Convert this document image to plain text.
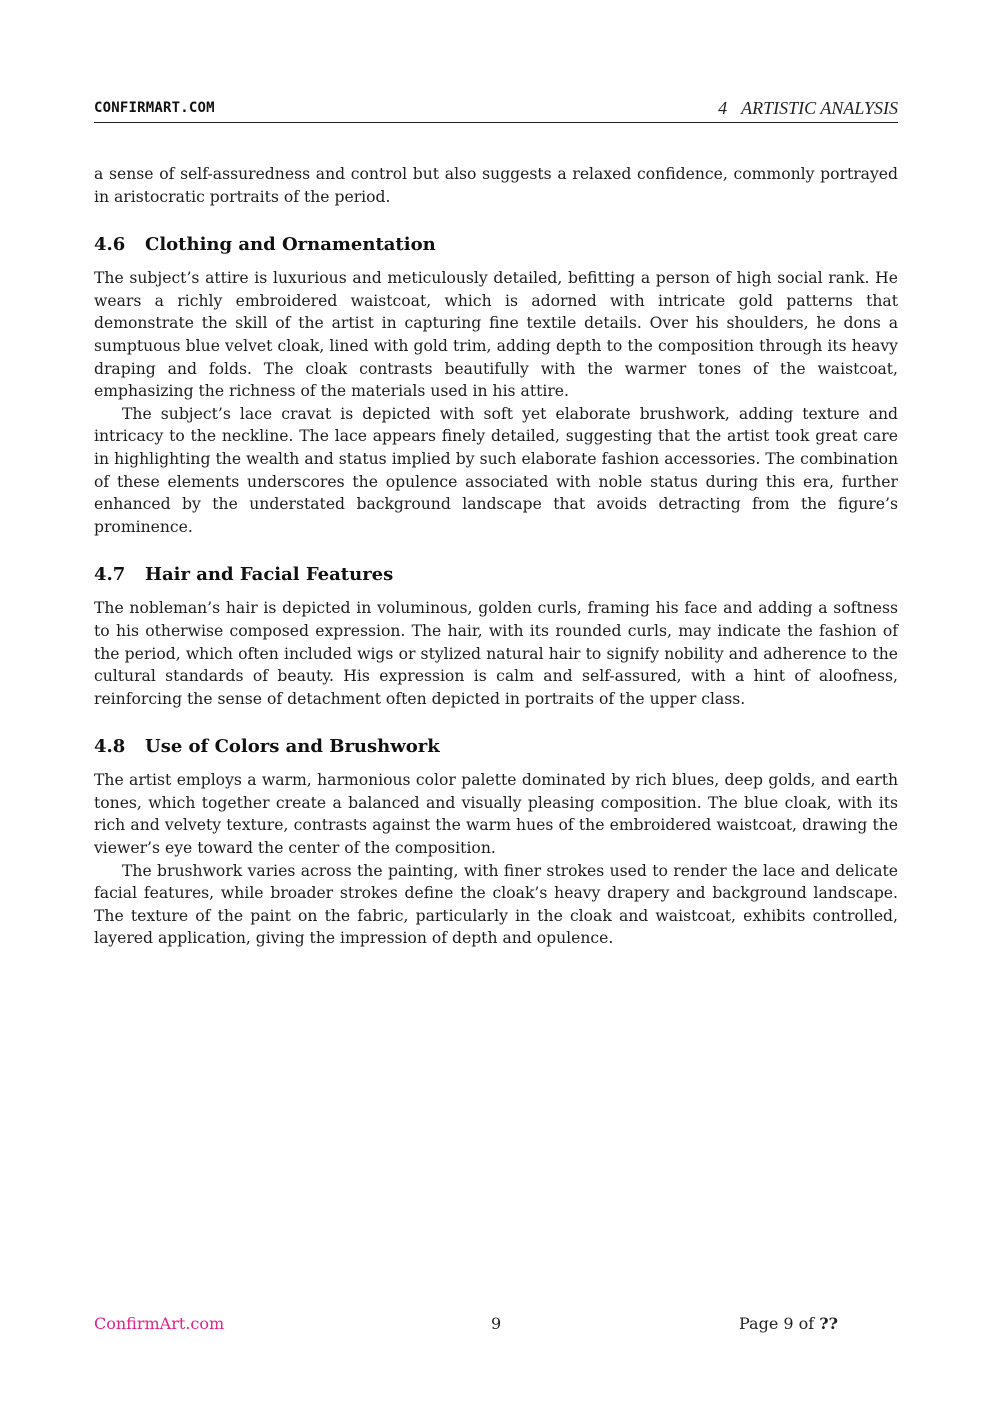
CONFIRMART.COM	4 ARTISTIC ANALYSIS

a sense of self-assuredness and control but also suggests a relaxed confidence, commonly portrayed in aristocratic portraits of the period.

4.6 Clothing and Ornamentation

The subject’s attire is luxurious and meticulously detailed, befitting a person of high social rank. He wears a richly embroidered waistcoat, which is adorned with intricate gold patterns that demonstrate the skill of the artist in capturing fine textile details. Over his shoulders, he dons a sumptuous blue velvet cloak, lined with gold trim, adding depth to the composition through its heavy draping and folds. The cloak contrasts beautifully with the warmer tones of the waistcoat, emphasizing the richness of the materials used in his attire.

The subject’s lace cravat is depicted with soft yet elaborate brushwork, adding texture and intricacy to the neckline. The lace appears finely detailed, suggesting that the artist took great care in highlighting the wealth and status implied by such elaborate fashion accessories. The combination of these elements underscores the opulence associated with noble status during this era, further enhanced by the understated background landscape that avoids detracting from the figure’s prominence.

4.7 Hair and Facial Features

The nobleman’s hair is depicted in voluminous, golden curls, framing his face and adding a softness to his otherwise composed expression. The hair, with its rounded curls, may indicate the fashion of the period, which often included wigs or stylized natural hair to signify nobility and adherence to the cultural standards of beauty. His expression is calm and self-assured, with a hint of aloofness, reinforcing the sense of detachment often depicted in portraits of the upper class.

4.8 Use of Colors and Brushwork

The artist employs a warm, harmonious color palette dominated by rich blues, deep golds, and earth tones, which together create a balanced and visually pleasing composition. The blue cloak, with its rich and velvety texture, contrasts against the warm hues of the embroidered waistcoat, drawing the viewer’s eye toward the center of the composition.

The brushwork varies across the painting, with finer strokes used to render the lace and delicate facial features, while broader strokes define the cloak’s heavy drapery and background landscape. The texture of the paint on the fabric, particularly in the cloak and waistcoat, exhibits controlled, layered application, giving the impression of depth and opulence.

ConfirmArt.com	9	Page 9 of ??
